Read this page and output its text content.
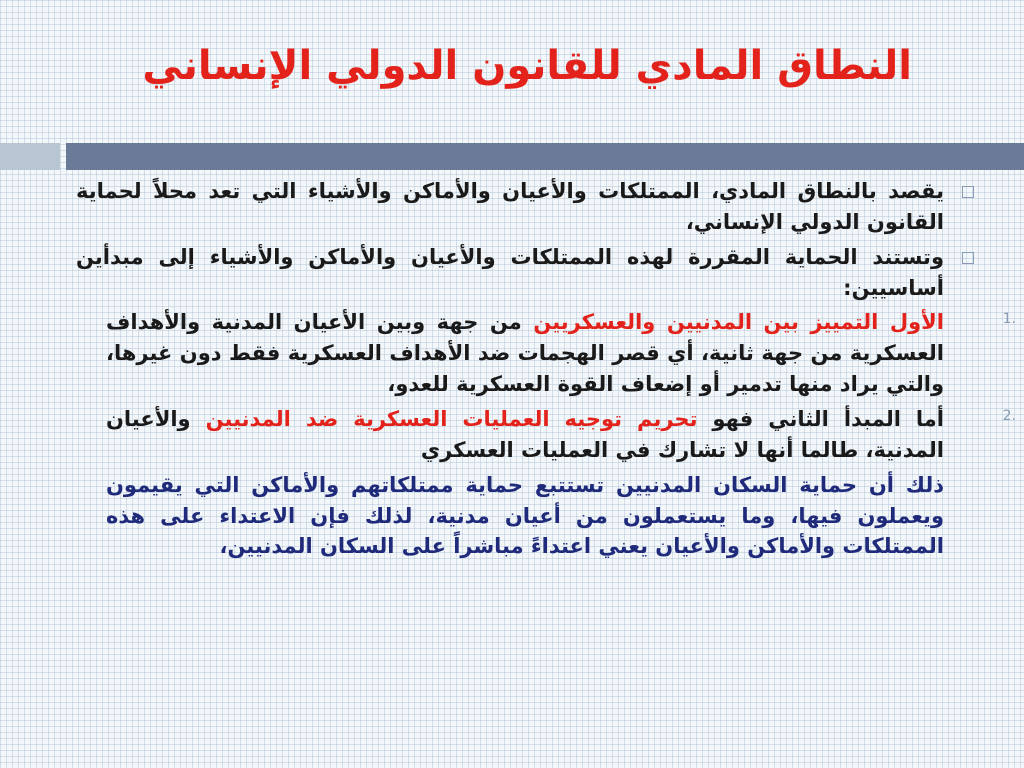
النطاق المادي للقانون الدولي الإنساني
يقصد بالنطاق المادي، الممتلكات والأعيان والأماكن والأشياء التي تعد محلاً لحماية القانون الدولي الإنساني،
وتستند الحماية المقررة لهذه الممتلكات والأعيان والأماكن والأشياء إلى مبدأين أساسيين:
1.
الأول التمييز بين المدنيين والعسكريين من جهة وبين الأعيان المدنية والأهداف العسكرية من جهة ثانية، أي قصر الهجمات ضد الأهداف العسكرية فقط دون غيرها، والتي يراد منها تدمير أو إضعاف القوة العسكرية للعدو،
2.
أما المبدأ الثاني فهو تحريم توجيه العمليات العسكرية ضد المدنيين والأعيان المدنية، طالما أنها لا تشارك في العمليات العسكري
ذلك أن حماية السكان المدنيين تستتبع حماية ممتلكاتهم والأماكن التي يقيمون ويعملون فيها، وما يستعملون من أعيان مدنية، لذلك فإن الاعتداء على هذه الممتلكات والأماكن والأعيان يعني اعتداءً مباشراً على السكان المدنيين،
